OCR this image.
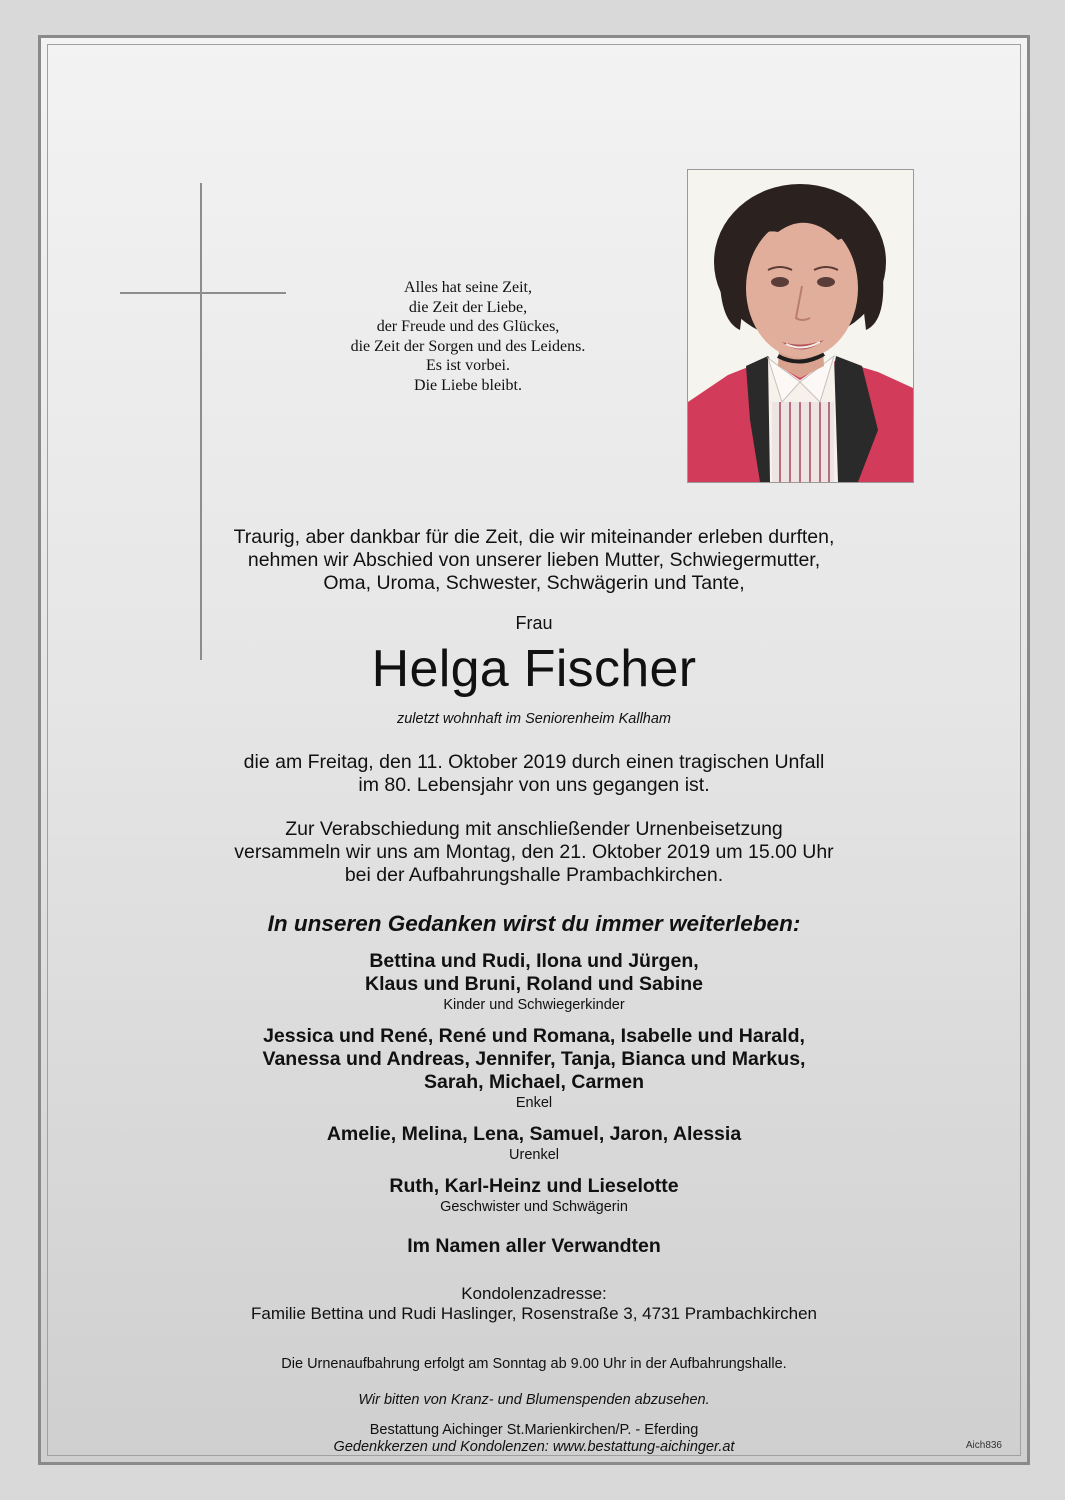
Alles hat seine Zeit,
die Zeit der Liebe,
der Freude und des Glückes,
die Zeit der Sorgen und des Leidens.
Es ist vorbei.
Die Liebe bleibt.
Traurig, aber dankbar für die Zeit, die wir miteinander erleben durften,
nehmen wir Abschied von unserer lieben Mutter, Schwiegermutter,
Oma, Uroma, Schwester, Schwägerin und Tante,
Frau
Helga Fischer
zuletzt wohnhaft im Seniorenheim Kallham
die am Freitag, den 11. Oktober 2019 durch einen tragischen Unfall
im 80. Lebensjahr von uns gegangen ist.
Zur Verabschiedung mit anschließender Urnenbeisetzung
versammeln wir uns am Montag, den 21. Oktober 2019 um 15.00 Uhr
bei der Aufbahrungshalle Prambachkirchen.
In unseren Gedanken wirst du immer weiterleben:
Bettina und Rudi, Ilona und Jürgen,
Klaus und Bruni, Roland und Sabine
Kinder und Schwiegerkinder
Jessica und René, René und Romana, Isabelle und Harald,
Vanessa und Andreas, Jennifer, Tanja, Bianca und Markus,
Sarah, Michael, Carmen
Enkel
Amelie, Melina, Lena, Samuel, Jaron, Alessia
Urenkel
Ruth, Karl-Heinz und Lieselotte
Geschwister und Schwägerin
Im Namen aller Verwandten
Kondolenzadresse:
Familie Bettina und Rudi Haslinger, Rosenstraße 3, 4731 Prambachkirchen
Die Urnenaufbahrung erfolgt am Sonntag ab 9.00 Uhr in der Aufbahrungshalle.
Wir bitten von Kranz- und Blumenspenden abzusehen.
Bestattung Aichinger St.Marienkirchen/P. - Eferding
Gedenkkerzen und Kondolenzen: www.bestattung-aichinger.at	Aich836
